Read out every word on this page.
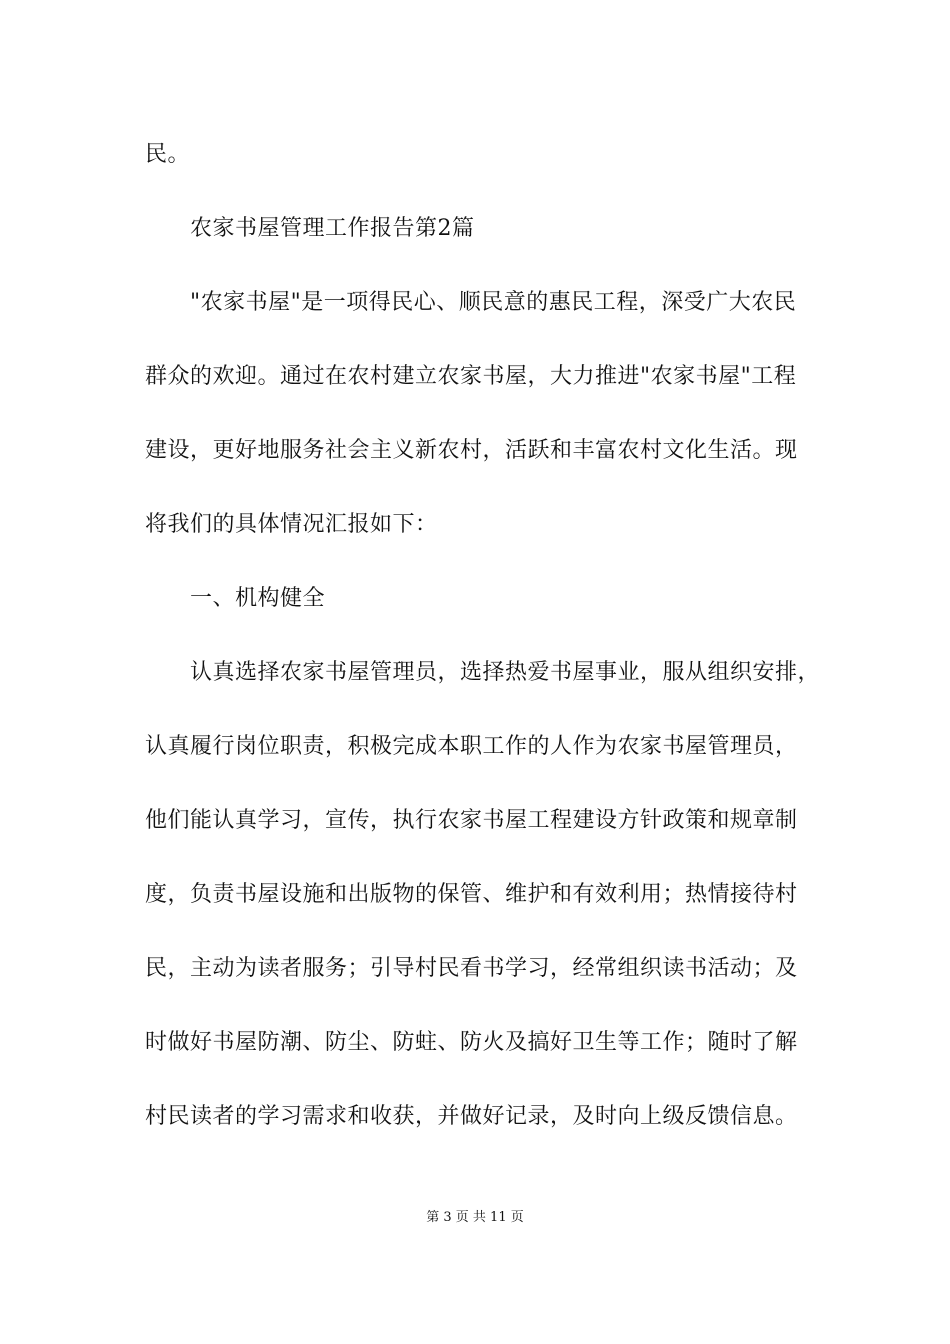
民。
农家书屋管理工作报告第2篇
"农家书屋"是一项得民心、顺民意的惠民工程，深受广大农民
群众的欢迎。通过在农村建立农家书屋，大力推进"农家书屋"工程
建设，更好地服务社会主义新农村，活跃和丰富农村文化生活。现
将我们的具体情况汇报如下：
一、机构健全
认真选择农家书屋管理员，选择热爱书屋事业，服从组织安排，
认真履行岗位职责，积极完成本职工作的人作为农家书屋管理员，
他们能认真学习，宣传，执行农家书屋工程建设方针政策和规章制
度，负责书屋设施和出版物的保管、维护和有效利用；热情接待村
民，主动为读者服务；引导村民看书学习，经常组织读书活动；及
时做好书屋防潮、防尘、防蛀、防火及搞好卫生等工作；随时了解
村民读者的学习需求和收获，并做好记录，及时向上级反馈信息。
第 3 页 共 11 页
